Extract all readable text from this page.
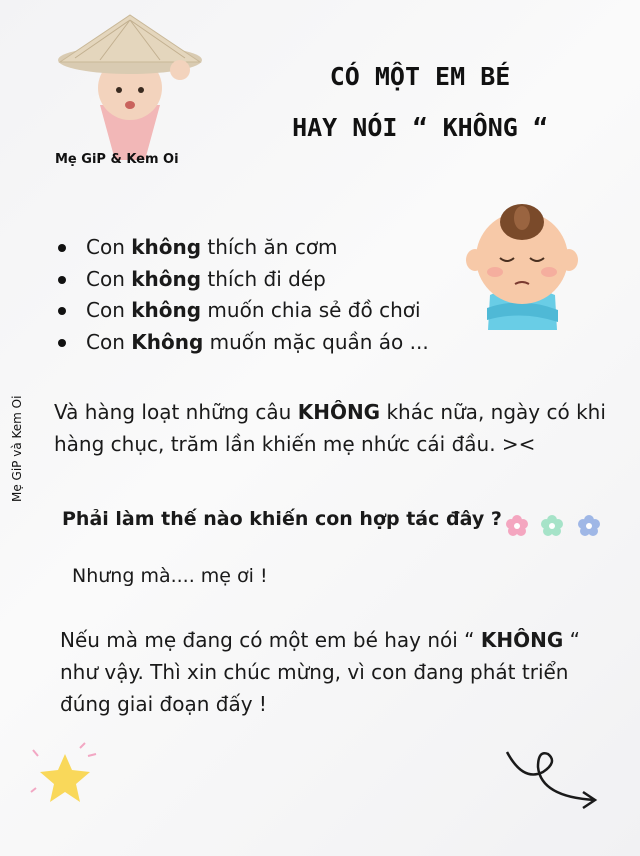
Mẹ GiP & Kem Oi
CÓ MỘT EM BÉ
HAY NÓI “ KHÔNG “
Mẹ GiP và Kem Oi
Con không thích ăn cơm
Con không thích đi dép
Con không muốn chia sẻ đồ chơi
Con Không muốn mặc quần áo ...
Và hàng loạt những câu KHÔNG khác nữa, ngày có khi hàng chục, trăm lần khiến mẹ nhức cái đầu. ><
Phải làm thế nào khiến con hợp tác đây ?
Nhưng mà.... mẹ ơi !
Nếu mà mẹ đang có một em bé hay nói “ KHÔNG “ như vậy. Thì xin chúc mừng, vì con đang phát triển đúng giai đoạn đấy !
